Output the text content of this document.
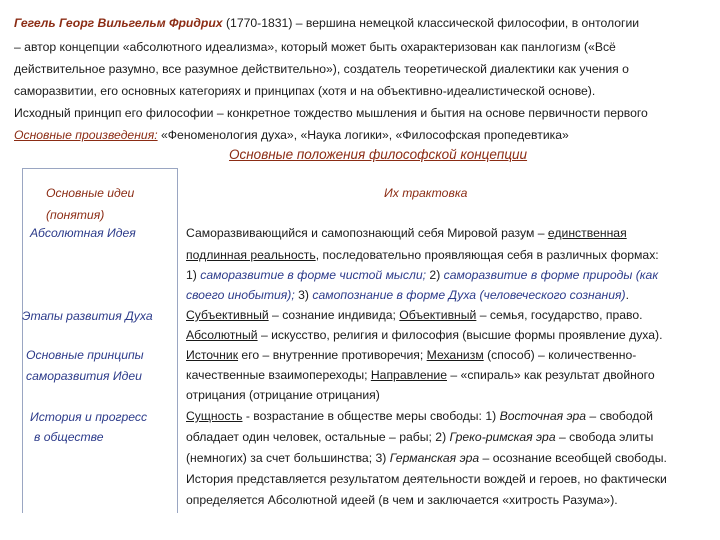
Гегель Георг Вильгельм Фридрих (1770-1831) – вершина немецкой классической философии, в онтологии
– автор концепции «абсолютного идеализма», который может быть охарактеризован как панлогизм («Всё
действительное разумно, все разумное действительно»), создатель теоретической диалектики как учения о
саморазвитии, его основных категориях и принципах (хотя и на объективно-идеалистической основе).
Исходный принцип его философии – конкретное тождество мышления и бытия на основе первичности первого
Основные произведения: «Феноменология духа», «Наука логики», «Философская пропедевтика»
Основные положения философской концепции
Основные идеи
(понятия)
Абсолютная Идея
Этапы развития Духа
Основные принципы
саморазвития Идеи
История и прогресс
в обществе
Их трактовка
Саморазвивающийся и самопознающий себя Мировой разум – единственная
подлинная реальность, последовательно проявляющая себя в различных формах:
1) саморазвитие в форме чистой мысли; 2) саморазвитие в форме природы (как
своего инобытия); 3) самопознание в форме Духа (человеческого сознания).
Субъективный – сознание индивида; Объективный – семья, государство, право.
Абсолютный – искусство, религия и философия (высшие формы проявление духа).
Источник его – внутренние противоречия; Механизм (способ) – количественно-
качественные взаимопереходы; Направление – «спираль» как результат двойного
отрицания (отрицание отрицания)
Сущность - возрастание в обществе меры свободы: 1) Восточная эра – свободой
обладает один человек, остальные – рабы; 2) Греко-римская эра – свобода элиты
(немногих) за счет большинства; 3) Германская эра – осознание всеобщей свободы.
История представляется результатом деятельности вождей и героев, но фактически
определяется Абсолютной идеей (в чем и заключается «хитрость Разума»).
